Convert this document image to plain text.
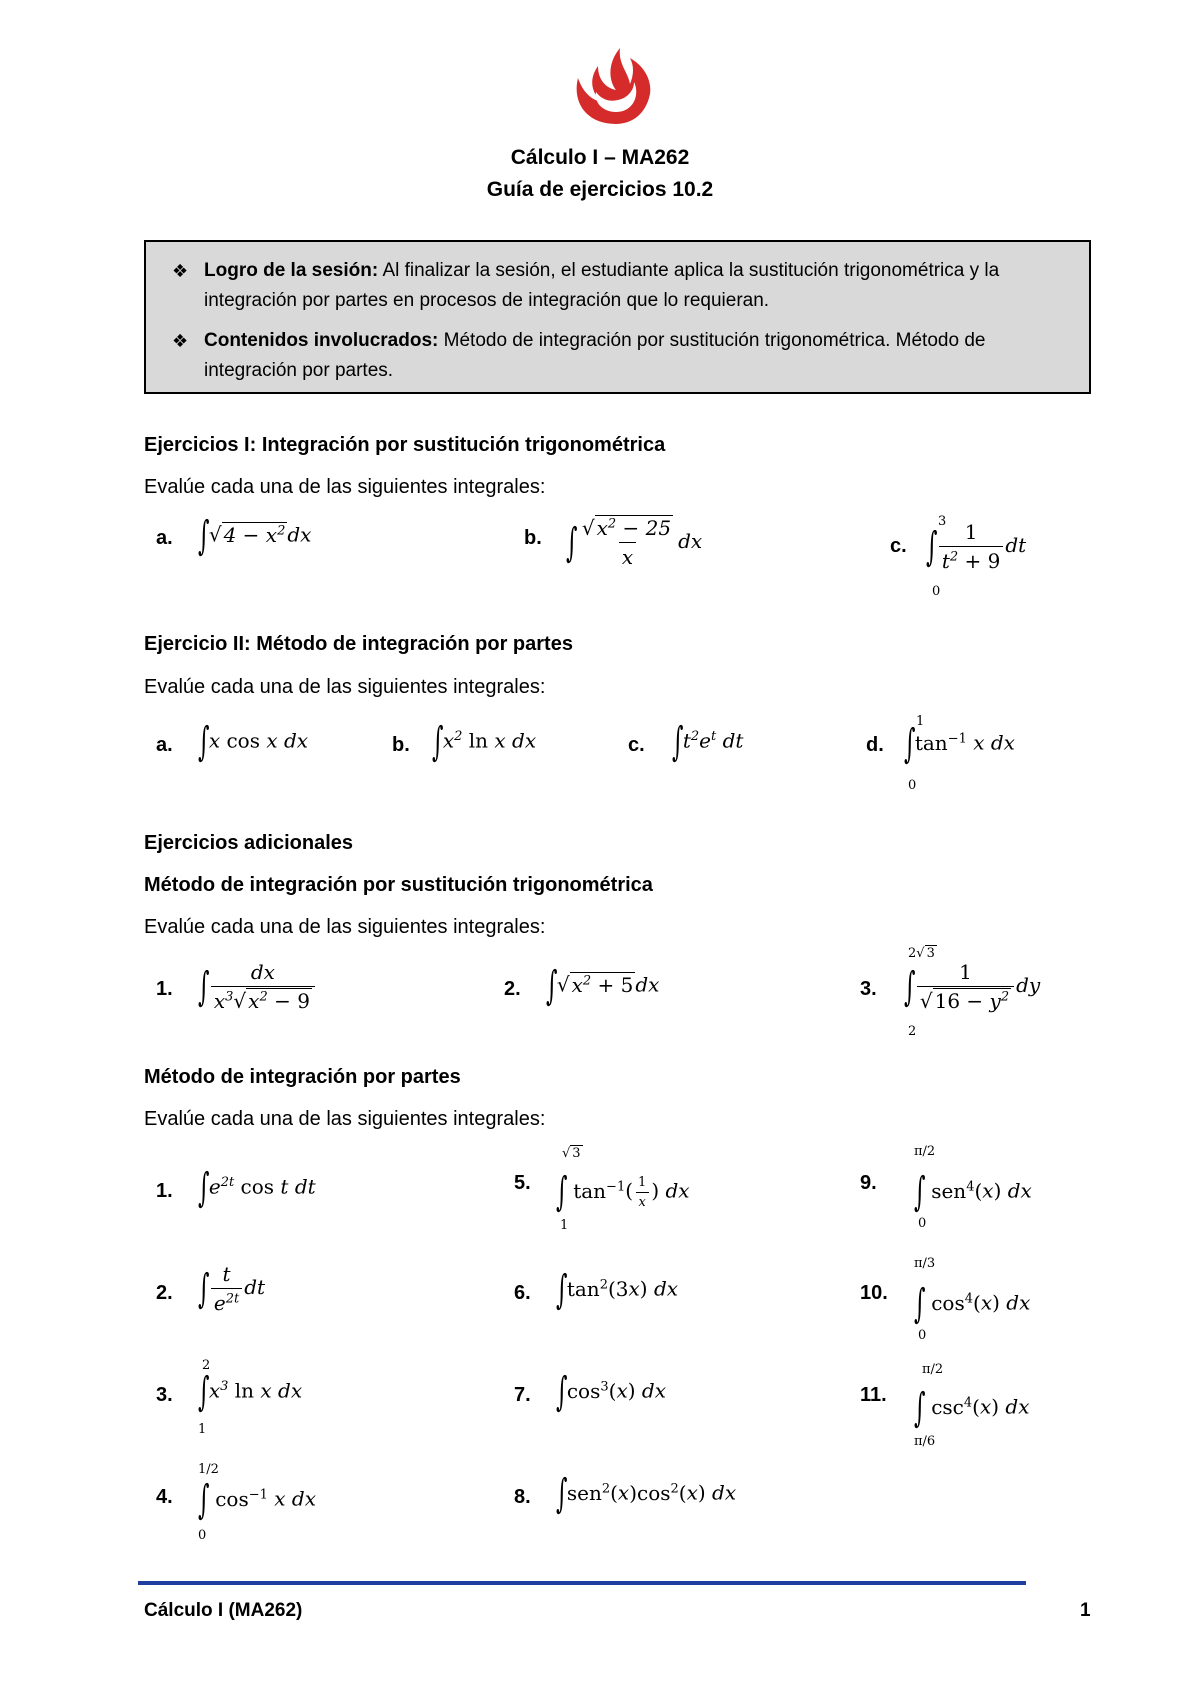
Cálculo I – MA262
Guía de ejercicios 10.2
❖ Logro de la sesión: Al finalizar la sesión, el estudiante aplica la sustitución trigonométrica y la integración por partes en procesos de integración que lo requieran.
❖ Contenidos involucrados: Método de integración por sustitución trigonométrica. Método de integración por partes.
Ejercicios I: Integración por sustitución trigonométrica
Evalúe cada una de las siguientes integrales:
a. ∫√ $4 - x^2$ dx	b. ∫ $\frac{√ x^2 - 25}{x}$ dx	c.
3
∫ $\frac{1}{t^2 + 9}$ dt
0
Ejercicio II: Método de integración por partes
Evalúe cada una de las siguientes integrales:
a. ∫x cos x dx	b. $\int x^2$ ln x dx	c. $\int t^2e^t$ dt	d.
1
$\int\tan^{-1}$ x dx
0
Ejercicios adicionales
Método de integración por sustitución trigonométrica
Evalúe cada una de las siguientes integrales:
1. ∫ $\frac{dx}{x^3√ x^2 - 9}$	2. ∫√ $x^2 + 5$ dx	3.
2√ 3
∫ $\frac{1}{√ 16 - y^2}$ dy
2
Método de integración por partes
Evalúe cada una de las siguientes integrales:
1. $\int e^{2t}$ cos t dt
2. ∫ $\frac{t}{e^{2t}}$ dt
3.
2
$\int x^3$ ln x dx
1
4.
1/2
∫ $\cos^{-1} x$ dx
0
5.
√ 3
∫ $\tan^{-1}( \frac{1}{x}$ ) dx
1
6. $\int\tan^2(3x)$ dx
7. $\int\cos^3(x)$ dx
8. $\int sen^2(x)\cos^2(x)$ dx
9.
π/2
∫ sen$^4$(x) dx
0
10.
π/3
∫ $\cos^4(x)$ dx
0
11.
π/2
∫ $\csc^4(x)$ dx
π/6
Cálculo I (MA262)	1
